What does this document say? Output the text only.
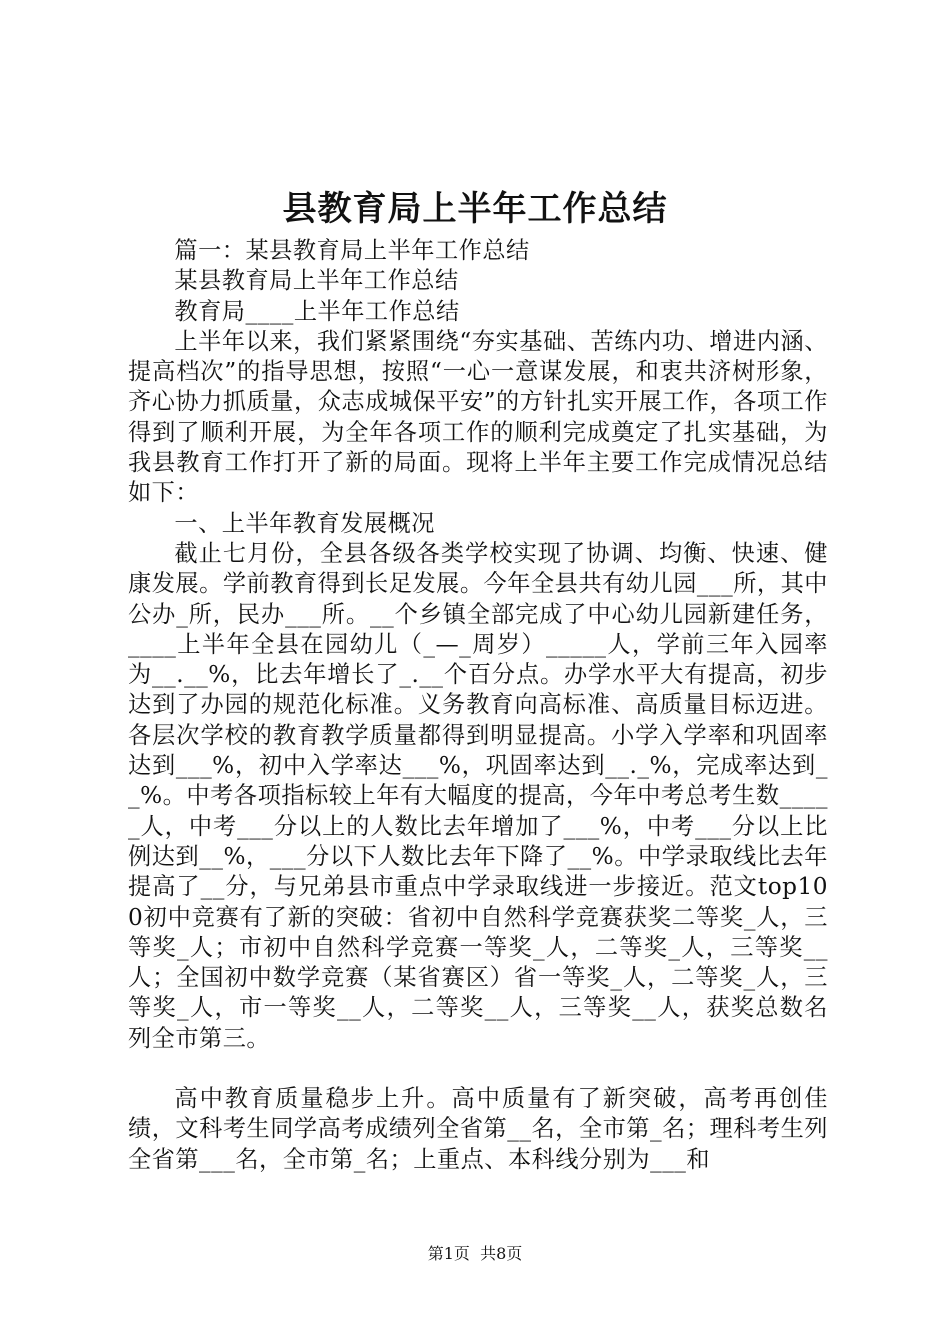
县教育局上半年工作总结

篇一：某县教育局上半年工作总结

某县教育局上半年工作总结

教育局____上半年工作总结

上半年以来，我们紧紧围绕“夯实基础、苦练内功、增进内涵、提高档次”的指导思想，按照“一心一意谋发展，和衷共济树形象，齐心协力抓质量，众志成城保平安”的方针扎实开展工作，各项工作得到了顺利开展，为全年各项工作的顺利完成奠定了扎实基础，为我县教育工作打开了新的局面。现将上半年主要工作完成情况总结如下：

一、上半年教育发展概况

截止七月份，全县各级各类学校实现了协调、均衡、快速、健康发展。学前教育得到长足发展。今年全县共有幼儿园___所，其中公办_所，民办___所。__个乡镇全部完成了中心幼儿园新建任务，____上半年全县在园幼儿（_—_周岁）_____人，学前三年入园率为__.__%，比去年增长了_.__个百分点。办学水平大有提高，初步达到了办园的规范化标准。义务教育向高标准、高质量目标迈进。各层次学校的教育教学质量都得到明显提高。小学入学率和巩固率达到___%，初中入学率达___%，巩固率达到__._%，完成率达到__%。中考各项指标较上年有大幅度的提高，今年中考总考生数_____人，中考___分以上的人数比去年增加了___%，中考___分以上比例达到__%，___分以下人数比去年下降了__%。中学录取线比去年提高了__分，与兄弟县市重点中学录取线进一步接近。范文top100初中竞赛有了新的突破：省初中自然科学竞赛获奖二等奖_人，三等奖_人；市初中自然科学竞赛一等奖_人，二等奖_人，三等奖__人；全国初中数学竞赛（某省赛区）省一等奖_人，二等奖_人，三等奖_人，市一等奖__人，二等奖__人，三等奖__人，获奖总数名列全市第三。

高中教育质量稳步上升。高中质量有了新突破，高考再创佳绩，文科考生同学高考成绩列全省第__名，全市第_名；理科考生列全省第___名，全市第_名；上重点、本科线分别为___和

第1页 共8页
